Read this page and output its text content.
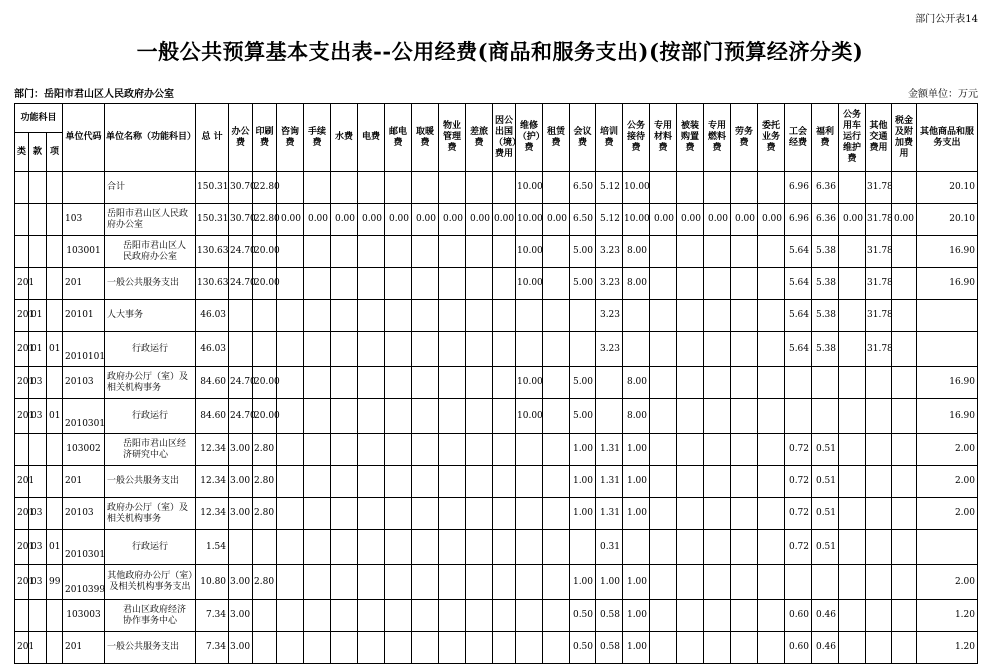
部门公开表14
一般公共预算基本支出表--公用经费(商品和服务支出)(按部门预算经济分类)
部门：岳阳市君山区人民政府办公室	金额单位：万元
功能科目			单位代码	单位名称（功能科目）	总 计	办公费	印刷费	咨询费	手续费	水费	电费	邮电费	取暖费	物业管理费	差旅费	因公出国（境）费用	维修（护）费	租赁费	会议费	培训费	公务接待费	专用材料费	被装购置费	专用燃料费	劳务费	委托业务费	工会经费	福利费	公务用车运行维护费	其他交通费用	税金及附加费用	其他商品和服务支出
类	款	项																														
				合计	150.31	30.70	22.80										10.00		6.50	5.12	10.00						6.96	6.36		31.78		20.10
			103	岳阳市君山区人民政府办公室	150.31	30.70	22.80	0.00	0.00	0.00	0.00	0.00	0.00	0.00	0.00	0.00	10.00	0.00	6.50	5.12	10.00	0.00	0.00	0.00	0.00	0.00	6.96	6.36	0.00	31.78	0.00	20.10
			103001	岳阳市君山区人民政府办公室	130.63	24.70	20.00										10.00		5.00	3.23	8.00						5.64	5.38		31.78		16.90
201			201	一般公共服务支出	130.63	24.70	20.00										10.00		5.00	3.23	8.00						5.64	5.38		31.78		16.90
201	01		20101	人大事务	46.03															3.23							5.64	5.38		31.78		
201	01	01	2010101	行政运行	46.03															3.23							5.64	5.38		31.78		
201	03		20103	政府办公厅（室）及相关机构事务	84.60	24.70	20.00										10.00		5.00		8.00											16.90
201	03	01	2010301	行政运行	84.60	24.70	20.00										10.00		5.00		8.00											16.90
			103002	岳阳市君山区经济研究中心	12.34	3.00	2.80												1.00	1.31	1.00						0.72	0.51				2.00
201			201	一般公共服务支出	12.34	3.00	2.80												1.00	1.31	1.00						0.72	0.51				2.00
201	03		20103	政府办公厅（室）及相关机构事务	12.34	3.00	2.80												1.00	1.31	1.00						0.72	0.51				2.00
201	03	01	2010301	行政运行	1.54															0.31							0.72	0.51				
201	03	99	2010399	其他政府办公厅（室）及相关机构事务支出	10.80	3.00	2.80												1.00	1.00	1.00											2.00
			103003	君山区政府经济协作事务中心	7.34	3.00													0.50	0.58	1.00						0.60	0.46				1.20
201			201	一般公共服务支出	7.34	3.00													0.50	0.58	1.00						0.60	0.46				1.20
